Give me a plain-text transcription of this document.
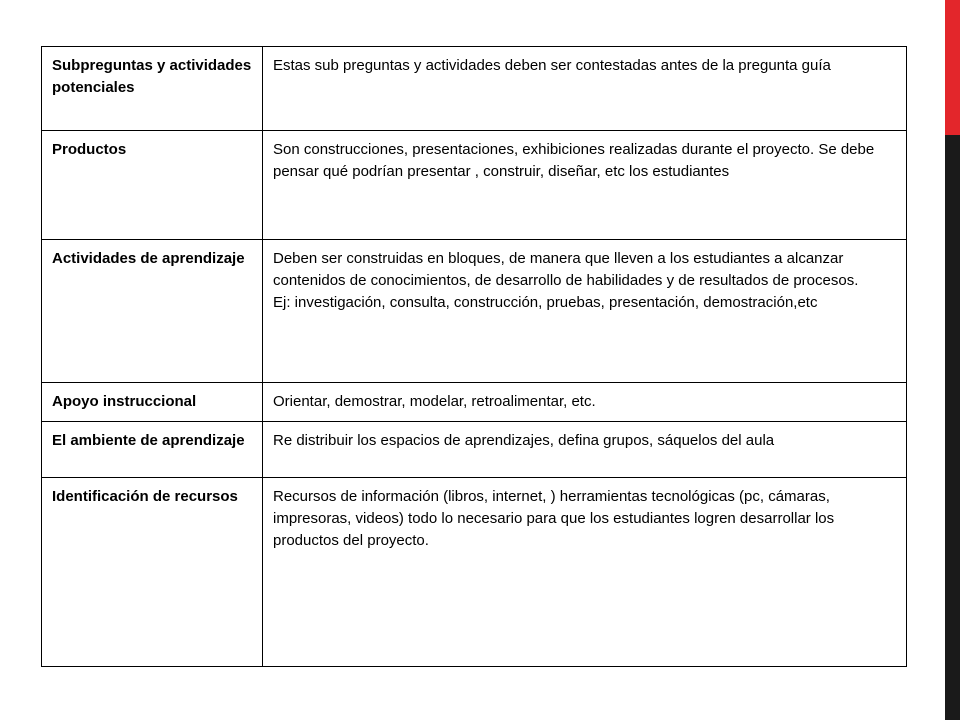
Subpreguntas y actividades potenciales	Estas sub preguntas y actividades deben ser contestadas antes de la pregunta guía
Productos	Son construcciones, presentaciones, exhibiciones realizadas durante el proyecto. Se debe pensar qué podrían presentar , construir, diseñar, etc los estudiantes
Actividades de aprendizaje	Deben ser construidas en bloques, de manera que lleven a los estudiantes a alcanzar contenidos de conocimientos, de desarrollo de habilidades y de resultados de procesos.
Ej: investigación, consulta, construcción, pruebas, presentación, demostración,etc

Apoyo instruccional	Orientar, demostrar, modelar, retroalimentar, etc.
El ambiente de aprendizaje	Re distribuir los espacios de aprendizajes, defina grupos, sáquelos del aula
Identificación de recursos	Recursos de información (libros, internet, ) herramientas tecnológicas (pc, cámaras, impresoras, videos) todo lo necesario para que los estudiantes logren desarrollar los productos del proyecto.
